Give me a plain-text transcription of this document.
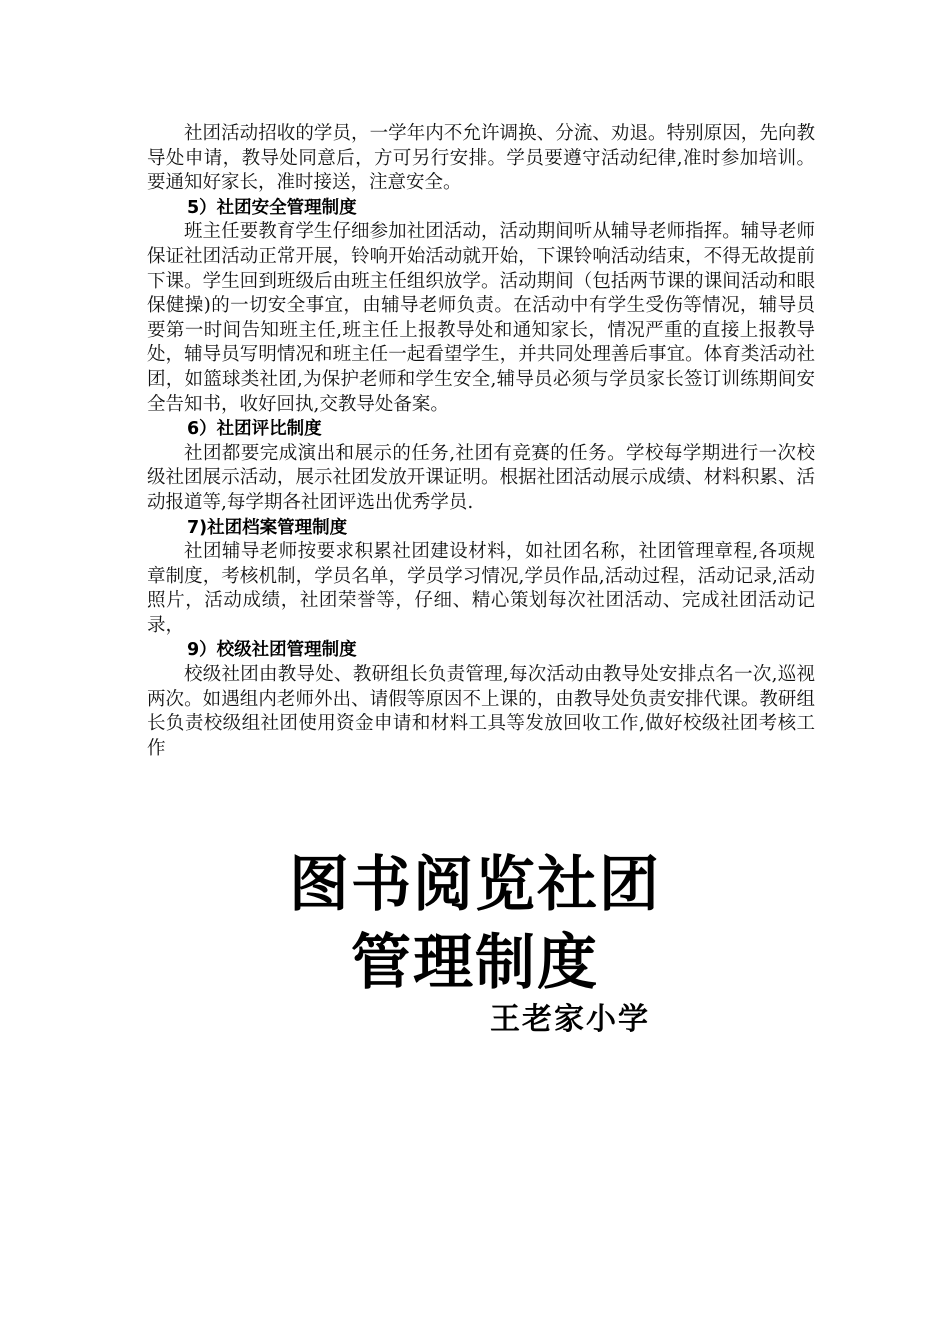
社团活动招收的学员，一学年内不允许调换、分流、劝退。特别原因，先向教导处申请，教导处同意后，方可另行安排。学员要遵守活动纪律,准时参加培训。要通知好家长，准时接送，注意安全。

5）社团安全管理制度

班主任要教育学生仔细参加社团活动，活动期间听从辅导老师指挥。辅导老师保证社团活动正常开展，铃响开始活动就开始，下课铃响活动结束，不得无故提前下课。学生回到班级后由班主任组织放学。活动期间（包括两节课的课间活动和眼保健操)的一切安全事宜，由辅导老师负责。在活动中有学生受伤等情况，辅导员要第一时间告知班主任,班主任上报教导处和通知家长，情况严重的直接上报教导处，辅导员写明情况和班主任一起看望学生，并共同处理善后事宜。体育类活动社团，如篮球类社团,为保护老师和学生安全,辅导员必须与学员家长签订训练期间安全告知书，收好回执,交教导处备案。

6）社团评比制度

社团都要完成演出和展示的任务,社团有竞赛的任务。学校每学期进行一次校级社团展示活动，展示社团发放开课证明。根据社团活动展示成绩、材料积累、活动报道等,每学期各社团评选出优秀学员.

7)社团档案管理制度

社团辅导老师按要求积累社团建设材料，如社团名称，社团管理章程,各项规章制度，考核机制，学员名单，学员学习情况,学员作品,活动过程，活动记录,活动照片，活动成绩，社团荣誉等，仔细、精心策划每次社团活动、完成社团活动记录，

9）校级社团管理制度

校级社团由教导处、教研组长负责管理,每次活动由教导处安排点名一次,巡视两次。如遇组内老师外出、请假等原因不上课的，由教导处负责安排代课。教研组长负责校级组社团使用资金申请和材料工具等发放回收工作,做好校级社团考核工作

图书阅览社团
管理制度
王老家小学
